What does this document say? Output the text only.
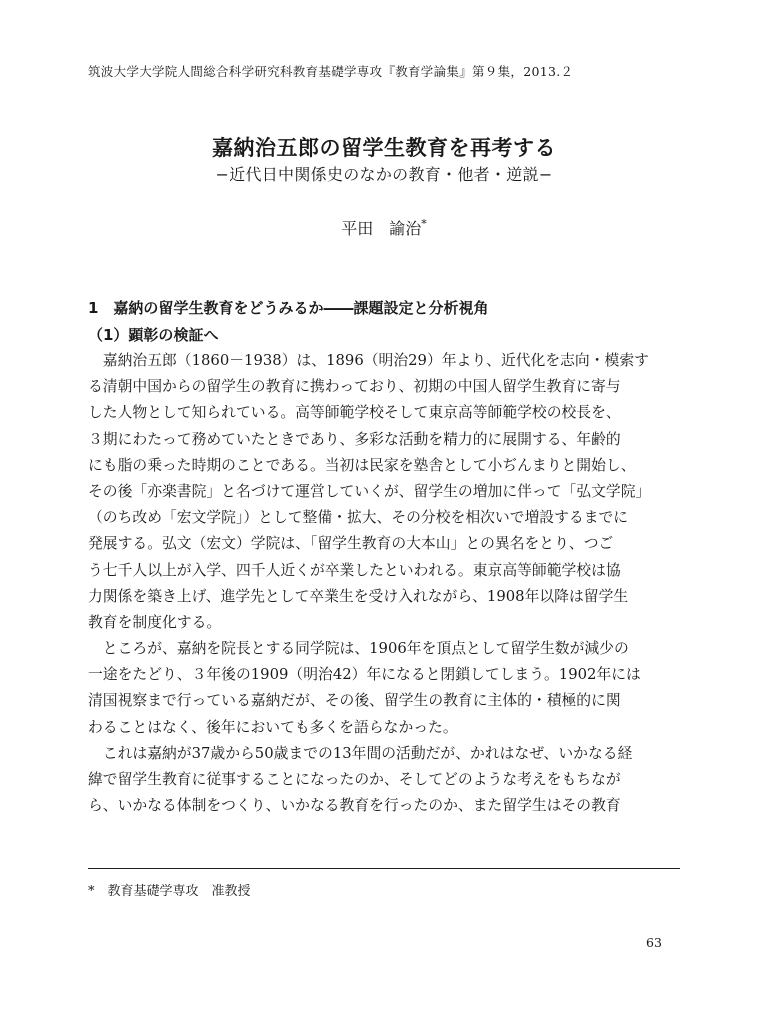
筑波大学大学院人間総合科学研究科教育基礎学専攻『教育学論集』第９集，2013.２
嘉納治五郎の留学生教育を再考する
−近代日中関係史のなかの教育・他者・逆説−
平田　諭治*
1　嘉納の留学生教育をどうみるか――課題設定と分析視角
（1）顕彰の検証へ
　嘉納治五郎（1860－1938）は、1896（明治29）年より、近代化を志向・模索す
る清朝中国からの留学生の教育に携わっており、初期の中国人留学生教育に寄与
した人物として知られている。高等師範学校そして東京高等師範学校の校長を、
３期にわたって務めていたときであり、多彩な活動を精力的に展開する、年齢的
にも脂の乗った時期のことである。当初は民家を塾舎として小ぢんまりと開始し、
その後「亦楽書院」と名づけて運営していくが、留学生の増加に伴って「弘文学院」
（のち改め「宏文学院」）として整備・拡大、その分校を相次いで増設するまでに
発展する。弘文（宏文）学院は、「留学生教育の大本山」との異名をとり、つご
う七千人以上が入学、四千人近くが卒業したといわれる。東京高等師範学校は協
力関係を築き上げ、進学先として卒業生を受け入れながら、1908年以降は留学生
教育を制度化する。
　ところが、嘉納を院長とする同学院は、1906年を頂点として留学生数が減少の
一途をたどり、３年後の1909（明治42）年になると閉鎖してしまう。1902年には
清国視察まで行っている嘉納だが、その後、留学生の教育に主体的・積極的に関
わることはなく、後年においても多くを語らなかった。
　これは嘉納が37歳から50歳までの13年間の活動だが、かれはなぜ、いかなる経
緯で留学生教育に従事することになったのか、そしてどのような考えをもちなが
ら、いかなる体制をつくり、いかなる教育を行ったのか、また留学生はその教育
*　教育基礎学専攻　准教授
63
